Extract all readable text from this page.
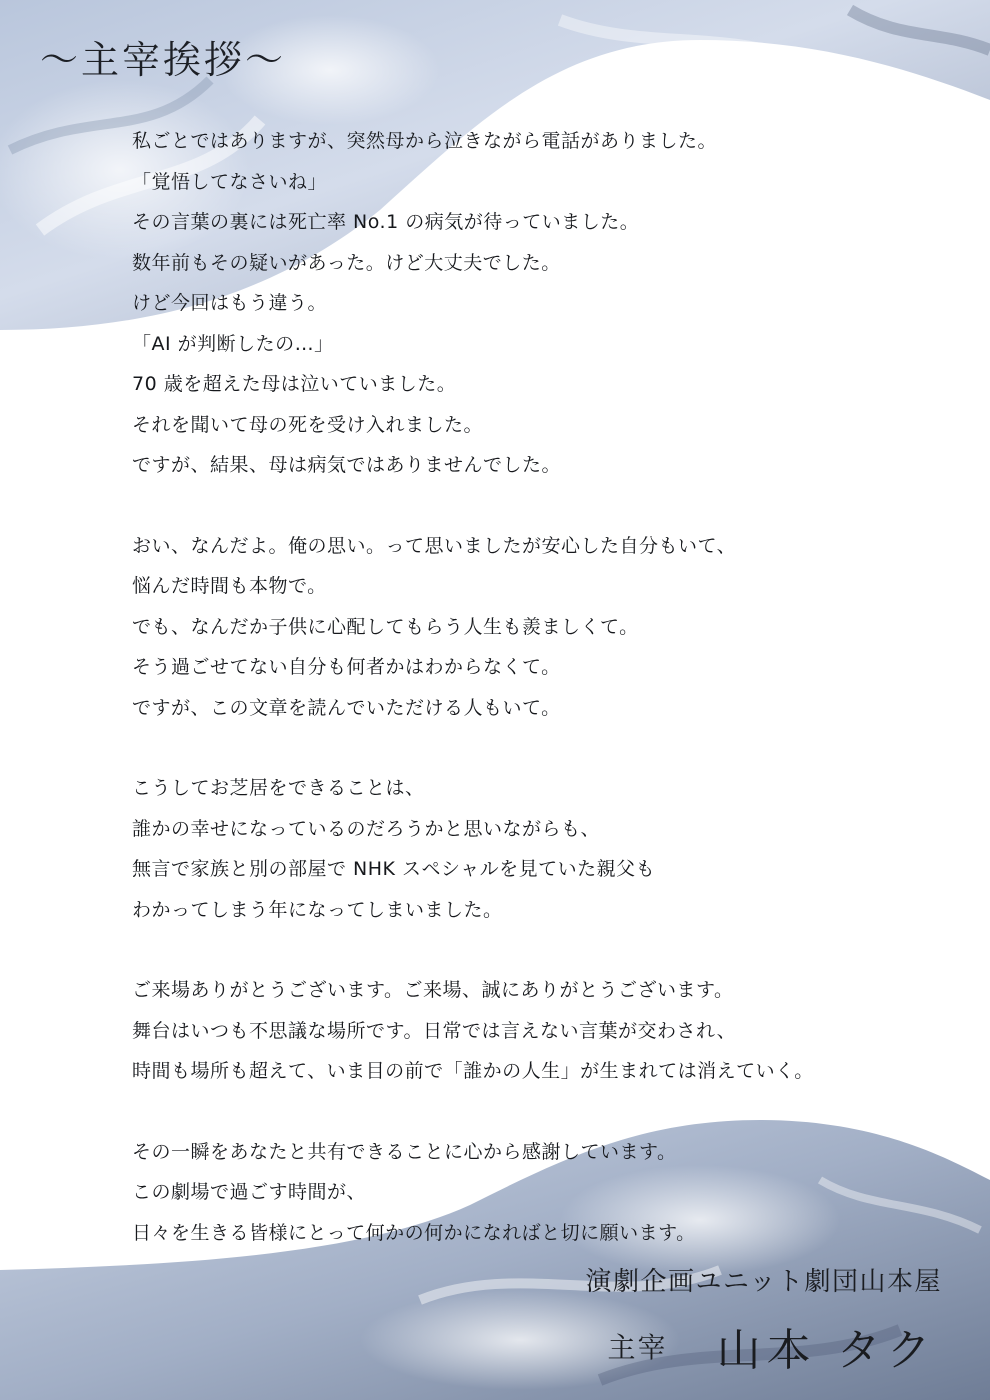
〜主宰挨拶〜
私ごとではありますが、突然母から泣きながら電話がありました。
「覚悟してなさいね」
その言葉の裏には死亡率 No.1 の病気が待っていました。
数年前もその疑いがあった。けど大丈夫でした。
けど今回はもう違う。
「AI が判断したの…」
70 歳を超えた母は泣いていました。
それを聞いて母の死を受け入れました。
ですが、結果、母は病気ではありませんでした。
おい、なんだよ。俺の思い。って思いましたが安心した自分もいて、
悩んだ時間も本物で。
でも、なんだか子供に心配してもらう人生も羨ましくて。
そう過ごせてない自分も何者かはわからなくて。
ですが、この文章を読んでいただける人もいて。
こうしてお芝居をできることは、
誰かの幸せになっているのだろうかと思いながらも、
無言で家族と別の部屋で NHK スペシャルを見ていた親父も
わかってしまう年になってしまいました。
ご来場ありがとうございます。ご来場、誠にありがとうございます。
舞台はいつも不思議な場所です。日常では言えない言葉が交わされ、
時間も場所も超えて、いま目の前で「誰かの人生」が生まれては消えていく。
その一瞬をあなたと共有できることに心から感謝しています。
この劇場で過ごす時間が、
日々を生きる皆様にとって何かの何かになればと切に願います。
演劇企画ユニット劇団山本屋
主宰 山本 タク
